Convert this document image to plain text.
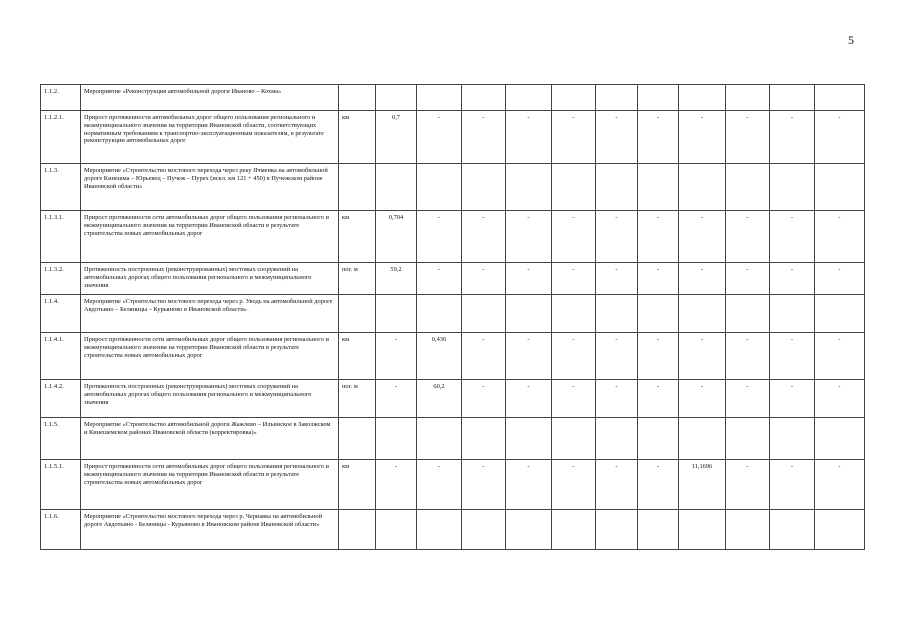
5
1.1.2.	Мероприятие «Реконструкция автомобильной дороги Иваново – Кохма»													
1.1.2.1.	Прирост протяженности автомобильных дорог общего пользования регионального и межмуниципального значения на территории Ивановской области, соответствующих нормативным требованиям к транспортно-эксплуатационным показателям, в результате реконструкции автомобильных дорог	км	0,7	-	-	-	-	-	-	-	-	-	-	
1.1.3.	Мероприятие «Строительство мостового перехода через реку Ячменка на автомобильной дороге Кинешма – Юрьевец – Пучеж – Пурех (искл. км 121 + 450) в Пучежском районе Ивановской области»													
1.1.3.1.	Прирост протяженности сети автомобильных дорог общего пользования регионального и межмуниципального значения на территории Ивановской области в результате строительства новых автомобильных дорог	км	0,704	-	-	-	-	-	-	-	-	-	-	
1.1.3.2.	Протяженность построенных (реконструированных) мостовых сооружений на автомобильных дорогах общего пользования регионального и межмуниципального значения	пог. м	59,2	-	-	-	-	-	-	-	-	-	-	
1.1.4.	Мероприятие «Строительство мостового перехода через р. Уводь на автомобильной дороге Авдотьино – Беляницы – Курьяново в Ивановской области»													
1.1.4.1.	Прирост протяженности сети автомобильных дорог общего пользования регионального и межмуниципального значения на территории Ивановской области в результате строительства новых автомобильных дорог	км	-	0,436	-	-	-	-	-	-	-	-	-	
1.1.4.2.	Протяженность построенных (реконструированных) мостовых сооружений на автомобильных дорогах общего пользования регионального и межмуниципального значения	пог. м	-	60,2	-	-	-	-	-	-	-	-	-	
1.1.5.	Мероприятие «Строительство автомобильной дороги Жажлево – Ильинское в Заволжском и Кинешемском районах Ивановской области (корректировка)»													
1.1.5.1.	Прирост протяженности сети автомобильных дорог общего пользования регионального и межмуниципального значения на территории Ивановской области в результате строительства новых автомобильных дорог	км	-	-	-	-	-	-	-	11,1696	-	-	-	
1.1.6.	Мероприятие «Строительство мостового перехода через р. Чернавка на автомобильной дороге Авдотьино - Беляницы - Курьяново в Ивановском районе Ивановской области»													
